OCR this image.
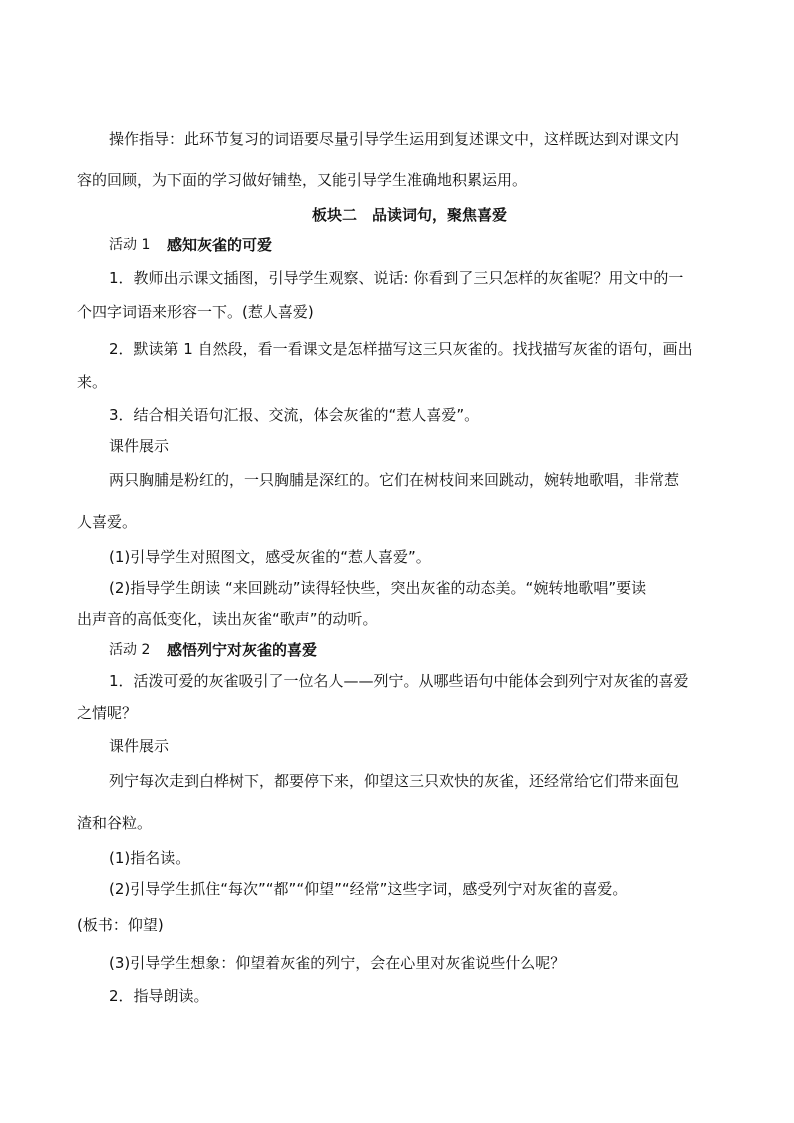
操作指导：此环节复习的词语要尽量引导学生运用到复述课文中，这样既达到对课文内
容的回顾，为下面的学习做好铺垫，又能引导学生准确地积累运用。
板块二　品读词句，聚焦喜爱
活动 1 感知灰雀的可爱
1．教师出示课文插图，引导学生观察、说话: 你看到了三只怎样的灰雀呢？用文中的一
个四字词语来形容一下。(惹人喜爱)
2．默读第 1 自然段，看一看课文是怎样描写这三只灰雀的。找找描写灰雀的语句，画出
来。
3．结合相关语句汇报、交流，体会灰雀的“惹人喜爱”。
课件展示
两只胸脯是粉红的，一只胸脯是深红的。它们在树枝间来回跳动，婉转地歌唱，非常惹
人喜爱。
(1)引导学生对照图文，感受灰雀的“惹人喜爱”。
(2)指导学生朗读 “来回跳动”读得轻快些，突出灰雀的动态美。“婉转地歌唱”要读
出声音的高低变化，读出灰雀“歌声”的动听。
活动 2 感悟列宁对灰雀的喜爱
1．活泼可爱的灰雀吸引了一位名人——列宁。从哪些语句中能体会到列宁对灰雀的喜爱
之情呢？
课件展示
列宁每次走到白桦树下，都要停下来，仰望这三只欢快的灰雀，还经常给它们带来面包
渣和谷粒。
(1)指名读。
(2)引导学生抓住“每次”“都”“仰望”“经常”这些字词，感受列宁对灰雀的喜爱。
(板书：仰望)
(3)引导学生想象：仰望着灰雀的列宁，会在心里对灰雀说些什么呢？
2．指导朗读。
